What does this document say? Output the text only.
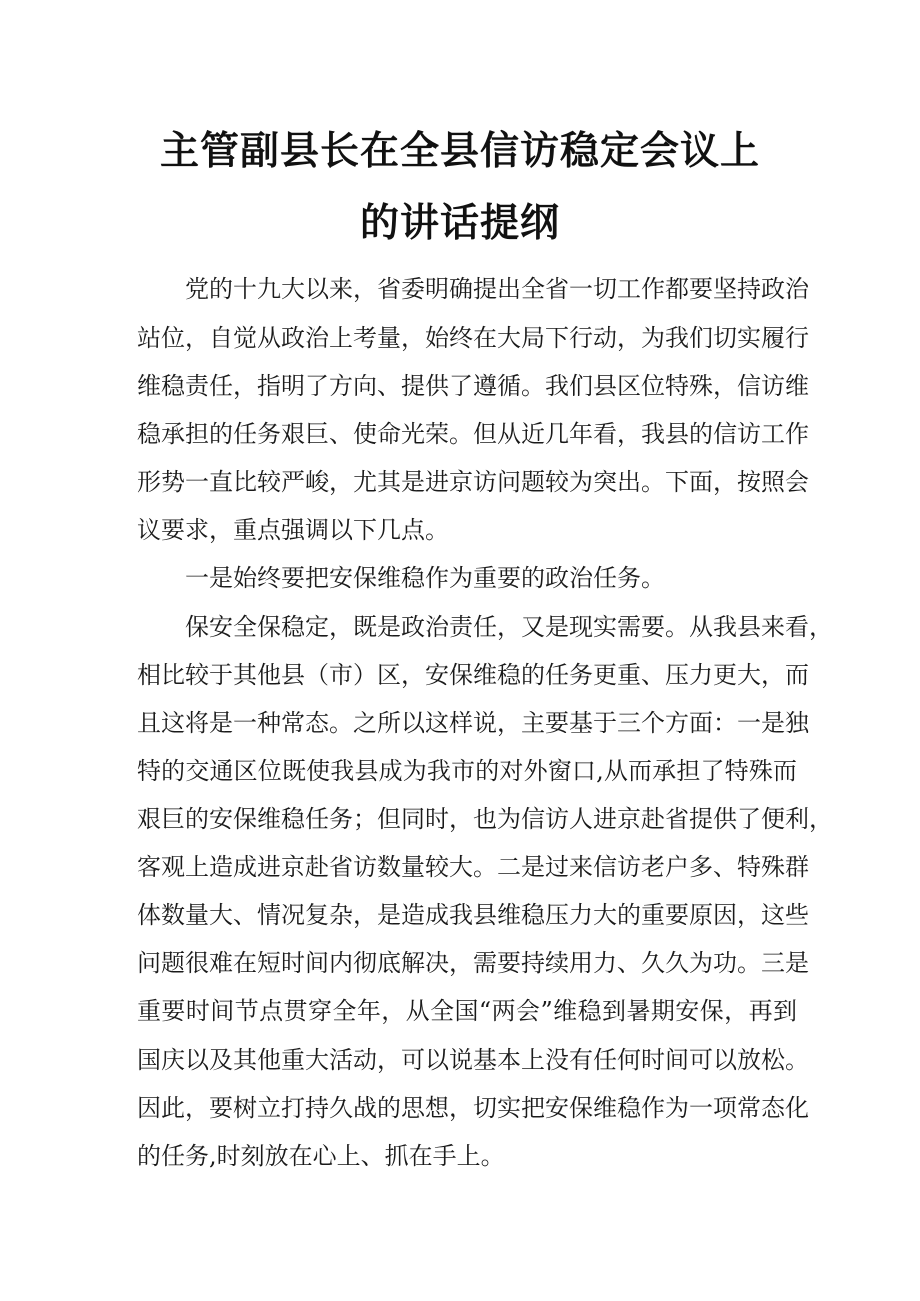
主管副县长在全县信访稳定会议上
的讲话提纲

党的十九大以来，省委明确提出全省一切工作都要坚持政治

站位，自觉从政治上考量，始终在大局下行动，为我们切实履行

维稳责任，指明了方向、提供了遵循。我们县区位特殊，信访维

稳承担的任务艰巨、使命光荣。但从近几年看，我县的信访工作

形势一直比较严峻，尤其是进京访问题较为突出。下面，按照会

议要求，重点强调以下几点。

一是始终要把安保维稳作为重要的政治任务。

保安全保稳定，既是政治责任，又是现实需要。从我县来看，

相比较于其他县（市）区，安保维稳的任务更重、压力更大，而

且这将是一种常态。之所以这样说，主要基于三个方面：一是独

特的交通区位既使我县成为我市的对外窗口,从而承担了特殊而

艰巨的安保维稳任务；但同时，也为信访人进京赴省提供了便利，

客观上造成进京赴省访数量较大。二是过来信访老户多、特殊群

体数量大、情况复杂，是造成我县维稳压力大的重要原因，这些

问题很难在短时间内彻底解决，需要持续用力、久久为功。三是

重要时间节点贯穿全年，从全国“两会”维稳到暑期安保，再到

国庆以及其他重大活动，可以说基本上没有任何时间可以放松。

因此，要树立打持久战的思想，切实把安保维稳作为一项常态化

的任务,时刻放在心上、抓在手上。
